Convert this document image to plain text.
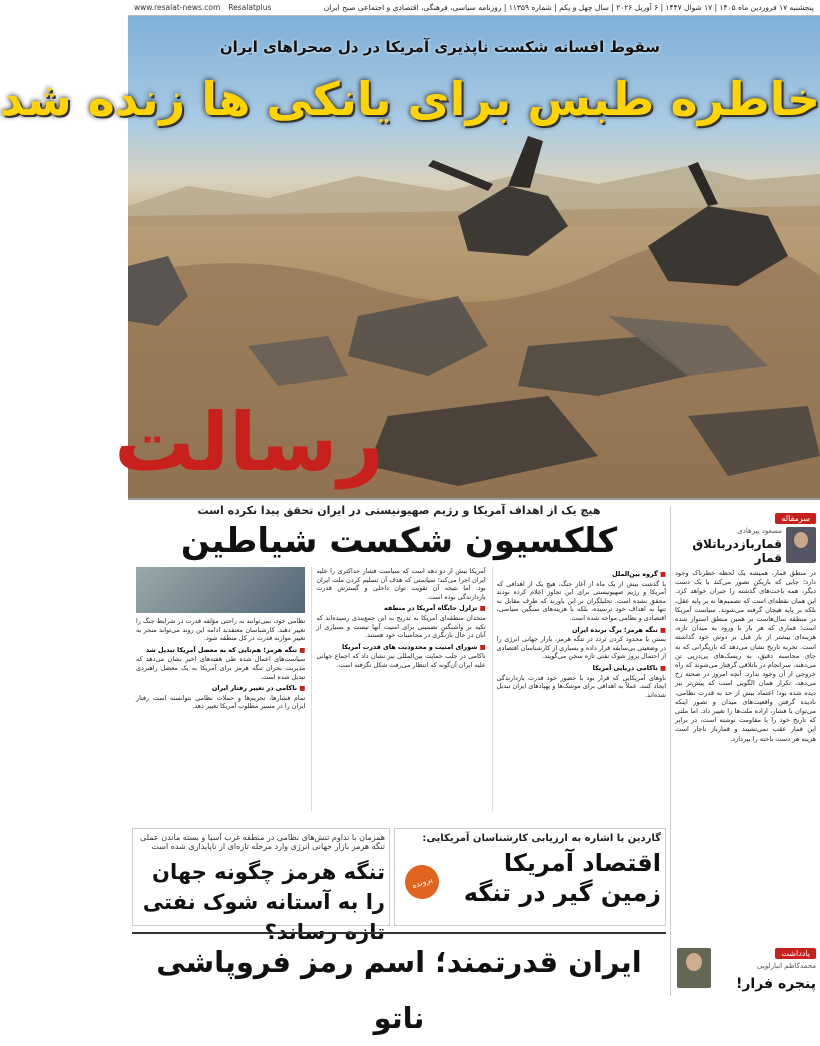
www.resalat-news.com Resalatplus	پنجشنبه ۱۷ فروردین ماه ۱۴۰۵ | ۱۷ شوال ۱۴۴۷ | ۶ آوریل ۲۰۲۶ | سال چهل و یکم | شماره ۱۱۳۵۹ | روزنامه سیاسی، فرهنگی، اقتصادی و اجتماعی صبح ایران
سقوط افسانه شکست ناپذیری آمریکا در دل صحراهای ایران
خاطره طبس برای یانکی ها زنده شد
رسالت
سرمقاله
مسعود پیرهادی
قماربازدرباتلاق قمار
در منطق قمار، همیشه یک لحظه خطرناک وجود دارد؛ جایی که بازیکن تصور می‌کند با یک دست دیگر، همه باخت‌های گذشته را جبران خواهد کرد. این همان نقطه‌ای است که تصمیم‌ها نه بر پایه عقل، بلکه بر پایه هیجان گرفته می‌شوند. سیاست آمریکا در منطقه سال‌هاست بر همین منطق استوار شده است؛ قماری که هر بار با ورود به میدان تازه، هزینه‌ای بیشتر از بار قبل بر دوش خود گذاشته است. تجربه تاریخ نشان می‌دهد که بازیگرانی که به جای محاسبه دقیق، به ریسک‌های پی‌درپی تن می‌دهند، سرانجام در باتلاقی گرفتار می‌شوند که راه خروجی از آن وجود ندارد. آنچه امروز در صحنه رخ می‌دهد، تکرار همان الگویی است که پیش‌تر نیز دیده شده بود؛ اعتماد بیش از حد به قدرت نظامی، نادیده گرفتن واقعیت‌های میدان و تصور اینکه می‌توان با فشار، اراده ملت‌ها را تغییر داد. اما ملتی که تاریخ خود را با مقاومت نوشته است، در برابر این قمار عقب نمی‌نشیند و قمارباز ناچار است هزینه هر دست باخته را بپردازد.
یادداشت
محمدکاظم انبارلویی
پنجره فرار!
هیچ یک از اهداف آمریکا و رژیم صهیونیستی در ایران تحقق پیدا نکرده است
کلکسیون شکست شیاطین
■ گروه بین‌الملل
با گذشت بیش از یک ماه از آغاز جنگ، هیچ یک از اهدافی که آمریکا و رژیم صهیونیستی برای این تجاوز اعلام کرده بودند محقق نشده است. تحلیلگران بر این باورند که طرف مقابل نه تنها به اهداف خود نرسیده، بلکه با هزینه‌های سنگین سیاسی، اقتصادی و نظامی مواجه شده است.
■ تنگه هرمز؛ برگ برنده ایران
بستن یا محدود کردن تردد در تنگه هرمز، بازار جهانی انرژی را در وضعیتی بی‌سابقه قرار داده و بسیاری از کارشناسان اقتصادی از احتمال بروز شوک نفتی تازه سخن می‌گویند.
■ ناکامی دریایی آمریکا
ناوهای آمریکایی که قرار بود با حضور خود قدرت بازدارندگی ایجاد کنند، عملاً به اهدافی برای موشک‌ها و پهپادهای ایران تبدیل شده‌اند.
آمریکا بیش از دو دهه است که سیاست فشار حداکثری را علیه ایران اجرا می‌کند؛ سیاستی که هدف آن تسلیم کردن ملت ایران بود. اما نتیجه آن تقویت توان داخلی و گسترش قدرت بازدارندگی بوده است.
■ تزلزل جایگاه آمریکا در منطقه
متحدان منطقه‌ای آمریکا به تدریج به این جمع‌بندی رسیده‌اند که تکیه بر واشنگتن تضمینی برای امنیت آنها نیست و بسیاری از آنان در حال بازنگری در محاسبات خود هستند.
■ شورای امنیت و محدودیت های قدرت آمریکا
ناکامی در جلب حمایت بین‌المللی نیز نشان داد که اجماع جهانی علیه ایران آن‌گونه که انتظار می‌رفت شکل نگرفته است.
نظامی خود، نمی‌توانند به راحتی مؤلفه قدرت در شرایط جنگ را تغییر دهند. کارشناسان معتقدند ادامه این روند می‌تواند منجر به تغییر موازنه قدرت در کل منطقه شود.
■ تنگه هرمز؛ هم‌تایی که به معضل آمریکا تبدیل شد
سیاست‌های اعمال شده طی هفته‌های اخیر نشان می‌دهد که مدیریت بحران تنگه هرمز برای آمریکا به یک معضل راهبردی تبدیل شده است.
■ ناکامی در تغییر رفتار ایران
تمام فشارها، تحریم‌ها و حملات نظامی نتوانسته است رفتار ایران را در مسیر مطلوب آمریکا تغییر دهد.
گاردین با اشاره به ارزیابی کارشناسان آمریکایی:
اقتصاد آمریکا زمین گیر در تنگه
پرونده
همزمان با تداوم تنش‌های نظامی در منطقه غرب آسیا و بسته ماندن عملی تنگه هرمز بازار جهانی انرژی وارد مرحله تازه‌ای از ناپایداری شده است
تنگه هرمز چگونه جهان را به آستانه شوک نفتی تازه رساند؟
ایران قدرتمند؛ اسم رمز فروپاشی ناتو
